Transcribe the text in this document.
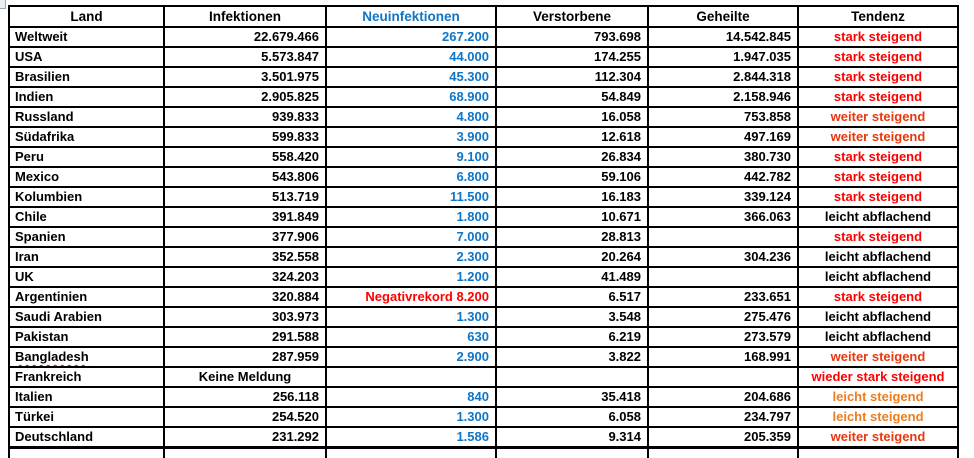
Land	Infektionen	Neuinfektionen	Verstorbene	Geheilte	Tendenz
Weltweit	22.679.466	267.200	793.698	14.542.845	stark steigend
USA	5.573.847	44.000	174.255	1.947.035	stark steigend
Brasilien	3.501.975	45.300	112.304	2.844.318	stark steigend
Indien	2.905.825	68.900	54.849	2.158.946	stark steigend
Russland	939.833	4.800	16.058	753.858	weiter steigend
Südafrika	599.833	3.900	12.618	497.169	weiter steigend
Peru	558.420	9.100	26.834	380.730	stark steigend
Mexico	543.806	6.800	59.106	442.782	stark steigend
Kolumbien	513.719	11.500	16.183	339.124	stark steigend
Chile	391.849	1.800	10.671	366.063	leicht abflachend
Spanien	377.906	7.000	28.813		stark steigend
Iran	352.558	2.300	20.264	304.236	leicht abflachend
UK	324.203	1.200	41.489		leicht abflachend
Argentinien	320.884	Negativrekord 8.200	6.517	233.651	stark steigend
Saudi Arabien	303.973	1.300	3.548	275.476	leicht abflachend
Pakistan	291.588	630	6.219	273.579	leicht abflachend
Bangladesh	287.959	2.900	3.822	168.991	weiter steigend
Frankreich	Keine Meldung				wieder stark steigend
Italien	256.118	840	35.418	204.686	leicht steigend
Türkei	254.520	1.300	6.058	234.797	leicht steigend
Deutschland	231.292	1.586	9.314	205.359	weiter steigend
